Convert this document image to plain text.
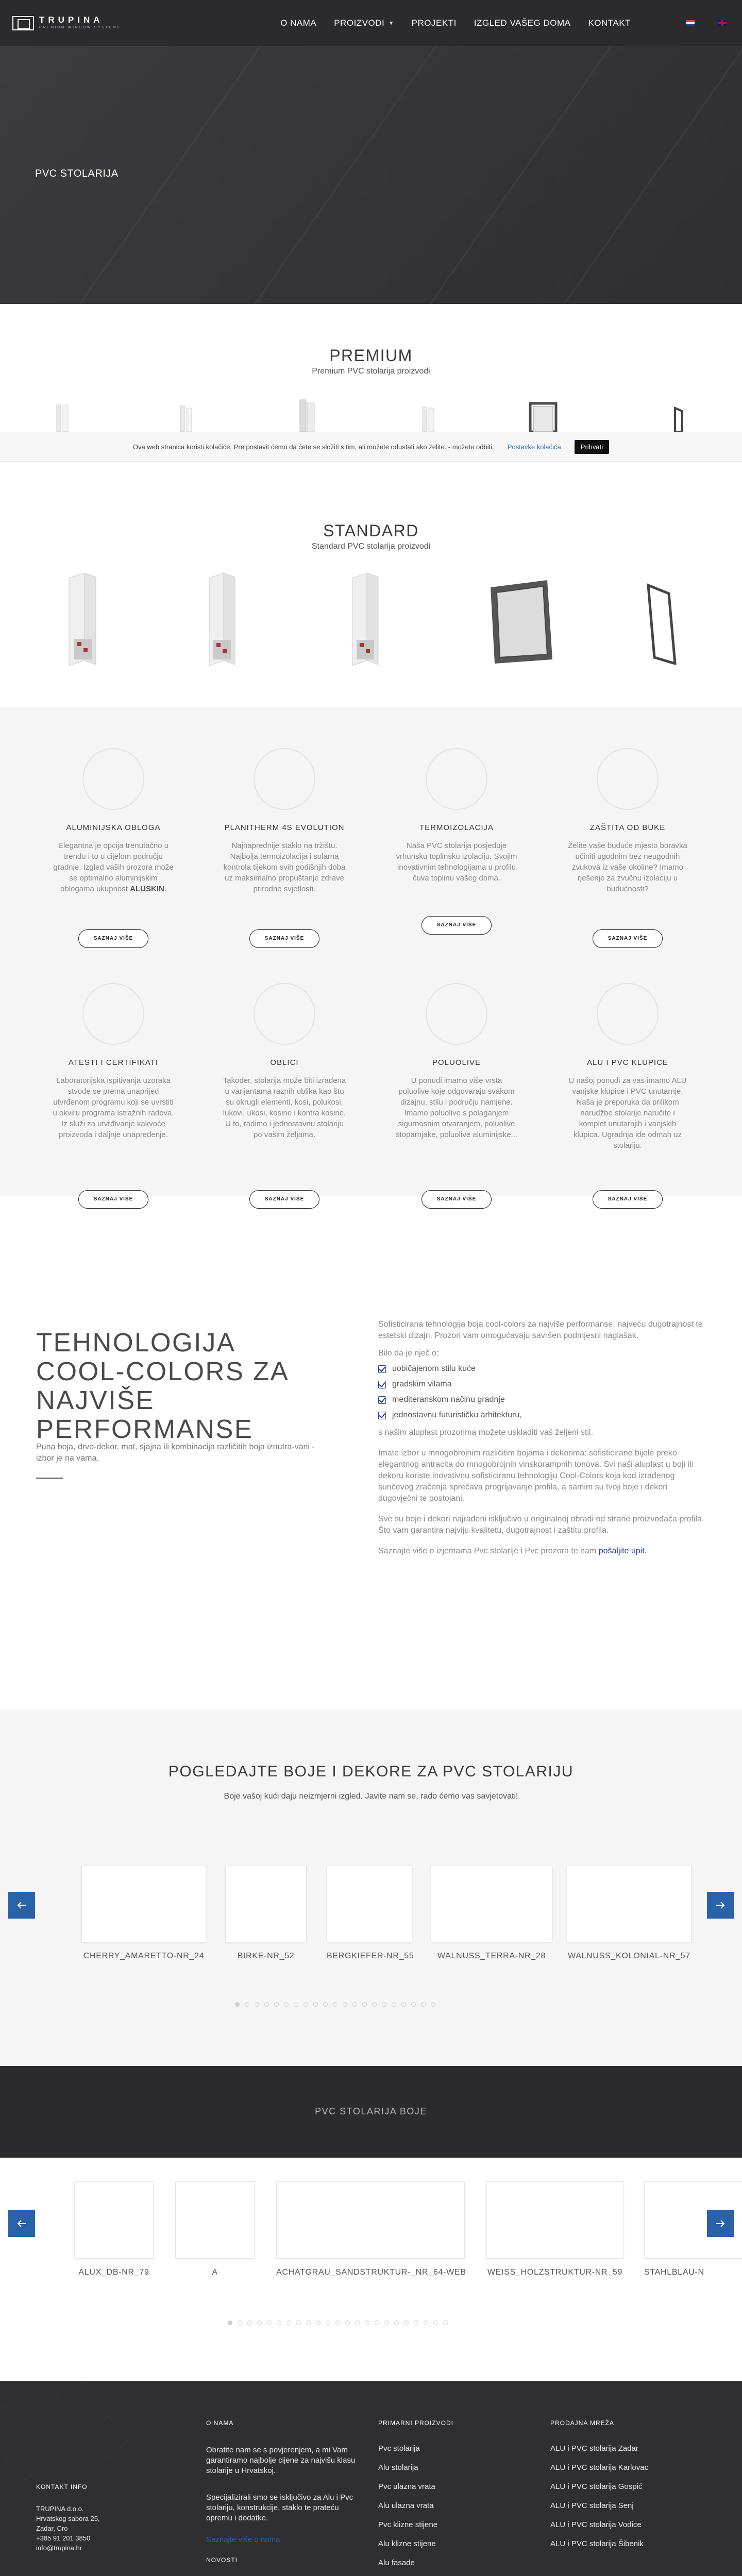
TRUPINA
PREMIUM WINDOW SYSTEMS	O NAMA PROIZVODI ▼ PROJEKTI IZGLED VAŠEG DOMA KONTAKT
PVC STOLARIJA
PREMIUM
Premium PVC stolarija proizvodi
Ova web stranica koristi kolačiće. Pretpostavit ćemo da ćete se složiti s tim, ali možete odustati ako želite. - možete odbiti. Postavke kolačića	Prihvati
STANDARD
Standard PVC stolarija proizvodi
ALUMINIJSKA OBLOGA
Elegantna je opcija trenutačno u trendu i to u cijelom području gradnje. Izgled vaših prozora može se optimalno aluminijskim oblogama ukupnost ALUSKIN.
SAZNAJ VIŠE
PLANITHERM 4S EVOLUTION
Najnaprednije staklo na tržištu. Najbolja termoizolacija i solarna kontrola tijekom svih godišnjih doba uz maksimalno propuštanje zdrave prirodne svjetlosti.
SAZNAJ VIŠE
TERMOIZOLACIJA
Naša PVC stolarija posjeduje vrhunsku toplinsku izolaciju. Svojim inovativnim tehnologijama u profilu čuva toplinu vašeg doma.
SAZNAJ VIŠE
ZAŠTITA OD BUKE
Želite vaše buduće mjesto boravka učiniti ugodnim bez neugodnih zvukova iz vaše okoline? Imamo rješenje za zvučnu izolaciju u budućnosti?
SAZNAJ VIŠE
ATESTI I CERTIFIKATI
Laboratorijska ispitivanja uzoraka stvode se prema unaprijed utvrđenom programu koji se uvrstiti u okviru programa istražnih radova. Iz služi za utvrđivanje kakvoće proizvoda i daljnje unapređenje.
SAZNAJ VIŠE
OBLICI
Također, stolarija može biti izrađena u varijantama raznih oblika kao što su okrugli elementi, kosi, polukosi, lukovi, ukosi, kosine i kontra kosine. U to, radimo i jednostavnu stolariju po vašim željama.
SAZNAJ VIŠE
POLUOLIVE
U ponudi imamo više vrsta poluolive koje odgovaraju svakom dizajnu, stilu i području namjene. Imamo poluolive s polaganjem sigurnosnim otvaranjem, poluolive stoparnjake, poluolive aluminijske...
SAZNAJ VIŠE
ALU I PVC KLUPICE
U našoj ponudi za vas imamo ALU vanjske klupice i PVC unutarnje. Naša je preporuka da prilikom narudžbe stolarije naručite i komplet unutarnjih i vanjskih klupica. Ugradnja ide odmah uz stolariju.
SAZNAJ VIŠE
TEHNOLOGIJA COOL-COLORS ZA NAJVIŠE PERFORMANSE
Puna boja, drvo-dekor, mat, sjajna ili kombinacija različitih boja iznutra-vani - izbor je na vama.

Sofisticirana tehnologija boja cool-colors za najviše performanse, najveću dugotrajnost te estetski dizajn. Prozori vam omogućavaju savršen podmjesni naglašak.

Bilo da je riječ o:

uobičajenom stilu kuće
gradskim vilama
mediteranskom načinu gradnje
jednostavnu futurističku arhitekturu,

s našim aluplast prozorima možete uskladiti vaš željeni stil.

Imate izbor u mnogobrojnim različitim bojama i dekorima: sofisticirane bijele preko elegantnog antracita do mnogobrojnih vinskorampnih tonova. Svi naši aluplast u boji ili dekoru koriste inovativnu sofisticiranu tehnologiju Cool-Colors koja kod izrađenog sunčevog zračenja sprečava progrijavanje profila, a samim su tvoji boje i dekori dugovječni te postojani.

Sve su boje i dekori najrađeni isključivo u originalnoj obradi od strane proizvođača profila. Što vam garantira najviju kvalitetu, dugotrajnost i zaštitu profila.

Saznajte više o izjemama Pvc stolarije i Pvc prozora te nam pošaljite upit.

POGLEDAJTE BOJE I DEKORE ZA PVC STOLARIJU
Boje vašoj kući daju neizmjerni izgled. Javite nam se, rado ćemo vas savjetovati!
CHERRY_AMARETTO-NR_24	BIRKE-NR_52	BERGKIEFER-NR_55	WALNUSS_TERRA-NR_28	WALNUSS_KOLONIAL-NR_57
PVC STOLARIJA BOJE
ALUX_DB-NR_79	A	ACHATGRAU_SANDSTRUKTUR-_NR_64-WEB	WEISS_HOLZSTRUKTUR-NR_59	STAHLBLAU-N
KONTAKT INFO
TRUPINA d.o.o.
Hrvatskog sabora 25,
Zadar, Cro
+385 91 201 3850
info@trupina.hr
O NAMA
Obratite nam se s povjerenjem, a mi Vam garantiramo najbolje cijene za najvišu klasu stolarije u Hrvatskoj.
Specijalizirali smo se isključivo za Alu i Pvc stolariju, konstrukcije, staklo te prateću opremu i dodatke.
Saznajte više o nama
NOVOSTI
PRIMARNI PROIZVODI
Pvc stolarija
Alu stolarija
Pvc ulazna vrata
Alu ulazna vrata
Pvc klizne stijene
Alu klizne stijene
Alu fasade
PRODAJNA MREŽA
ALU i PVC stolarija Zadar
ALU i PVC stolarija Karlovac
ALU i PVC stolarija Gospić
ALU i PVC stolarija Senj
ALU i PVC stolarija Vodice
ALU i PVC stolarija Šibenik
